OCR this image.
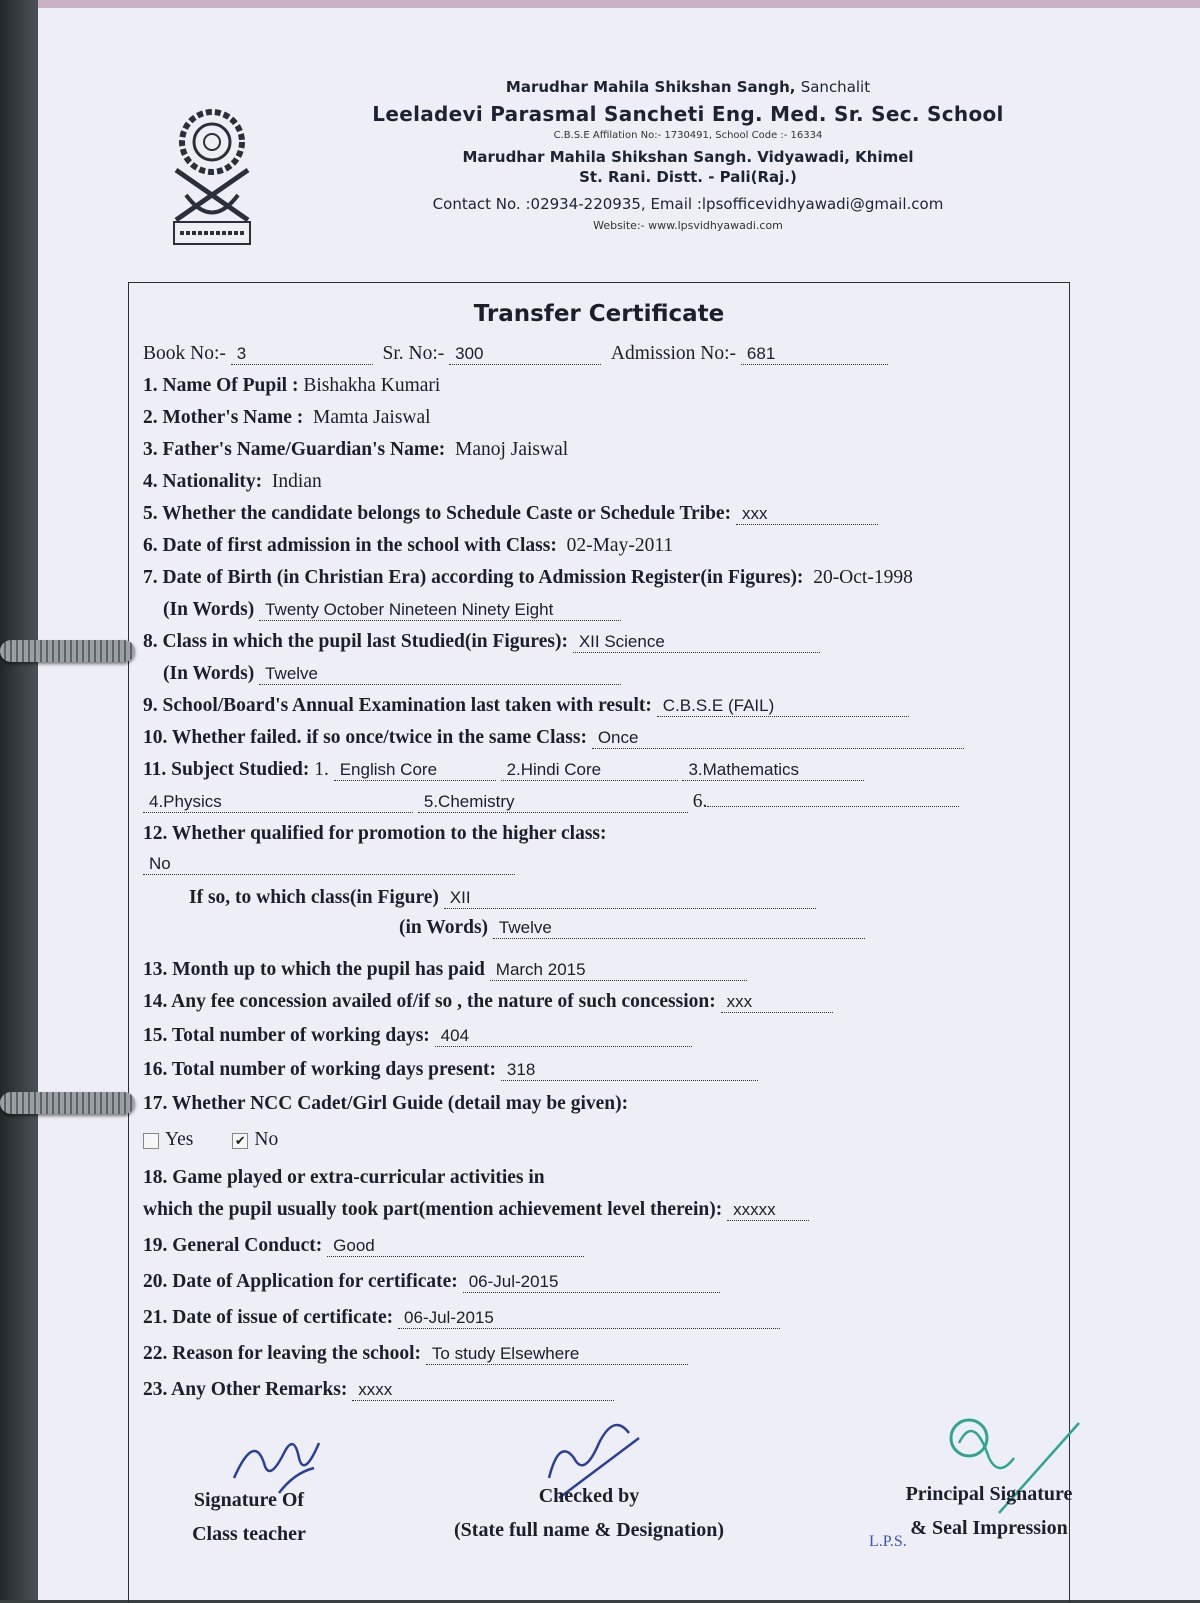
Marudhar Mahila Shikshan Sangh, Sanchalit
Leeladevi Parasmal Sancheti Eng. Med. Sr. Sec. School
C.B.S.E Affilation No:- 1730491, School Code :- 16334
Marudhar Mahila Shikshan Sangh. Vidyawadi, Khimel
St. Rani. Distt. - Pali(Raj.)
Contact No. :02934-220935, Email :lpsofficevidhyawadi@gmail.com
Website:- www.lpsvidhyawadi.com
Transfer Certificate
Book No:- 3	Sr. No:- 300	Admission No:- 681
1. Name Of Pupil : Bishakha Kumari
2. Mother's Name : Mamta Jaiswal
3. Father's Name/Guardian's Name: Manoj Jaiswal
4. Nationality: Indian
5. Whether the candidate belongs to Schedule Caste or Schedule Tribe: xxx
6. Date of first admission in the school with Class: 02-May-2011
7. Date of Birth (in Christian Era) according to Admission Register(in Figures): 20-Oct-1998
(In Words) Twenty October Nineteen Ninety Eight
8. Class in which the pupil last Studied(in Figures): XII Science
(In Words) Twelve
9. School/Board's Annual Examination last taken with result: C.B.S.E (FAIL)
10. Whether failed. if so once/twice in the same Class: Once
11. Subject Studied: 1. English Core	2.Hindi Core	3.Mathematics
4.Physics	5.Chemistry	6.
12. Whether qualified for promotion to the higher class:
No
If so, to which class(in Figure) XII
(in Words) Twelve
13. Month up to which the pupil has paid March 2015
14. Any fee concession availed of/if so , the nature of such concession: xxx
15. Total number of working days: 404
16. Total number of working days present: 318
17. Whether NCC Cadet/Girl Guide (detail may be given):
Yes	✔ No
18. Game played or extra-curricular activities in
which the pupil usually took part(mention achievement level therein): xxxxx
19. General Conduct: Good
20. Date of Application for certificate: 06-Jul-2015
21. Date of issue of certificate: 06-Jul-2015
22. Reason for leaving the school: To study Elsewhere
23. Any Other Remarks: xxxx
L.P.S.
Signature Of
Class teacher
Checked by
(State full name & Designation)
Principal Signature
& Seal Impression
